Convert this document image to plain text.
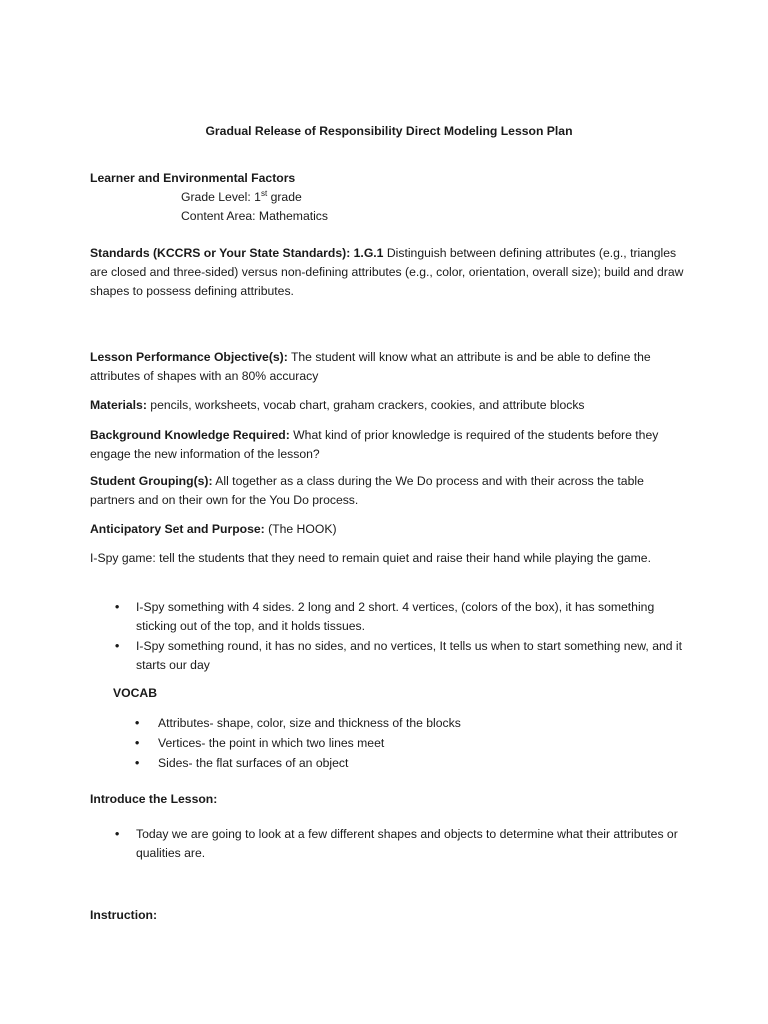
Gradual Release of Responsibility Direct Modeling Lesson Plan
Learner and Environmental Factors
Grade Level: 1st grade
Content Area: Mathematics
Standards (KCCRS or Your State Standards): 1.G.1 Distinguish between defining attributes (e.g., triangles are closed and three-sided) versus non-defining attributes (e.g., color, orientation, overall size); build and draw shapes to possess defining attributes.
Lesson Performance Objective(s): The student will know what an attribute is and be able to define the attributes of shapes with an 80% accuracy
Materials: pencils, worksheets, vocab chart, graham crackers, cookies, and attribute blocks
Background Knowledge Required: What kind of prior knowledge is required of the students before they engage the new information of the lesson?
Student Grouping(s): All together as a class during the We Do process and with their across the table partners and on their own for the You Do process.
Anticipatory Set and Purpose: (The HOOK)
I-Spy game: tell the students that they need to remain quiet and raise their hand while playing the game.
• I-Spy something with 4 sides. 2 long and 2 short. 4 vertices, (colors of the box), it has something sticking out of the top, and it holds tissues.
• I-Spy something round, it has no sides, and no vertices, It tells us when to start something new, and it starts our day
VOCAB
• Attributes- shape, color, size and thickness of the blocks
• Vertices- the point in which two lines meet
• Sides- the flat surfaces of an object
Introduce the Lesson:
• Today we are going to look at a few different shapes and objects to determine what their attributes or qualities are.
Instruction:
